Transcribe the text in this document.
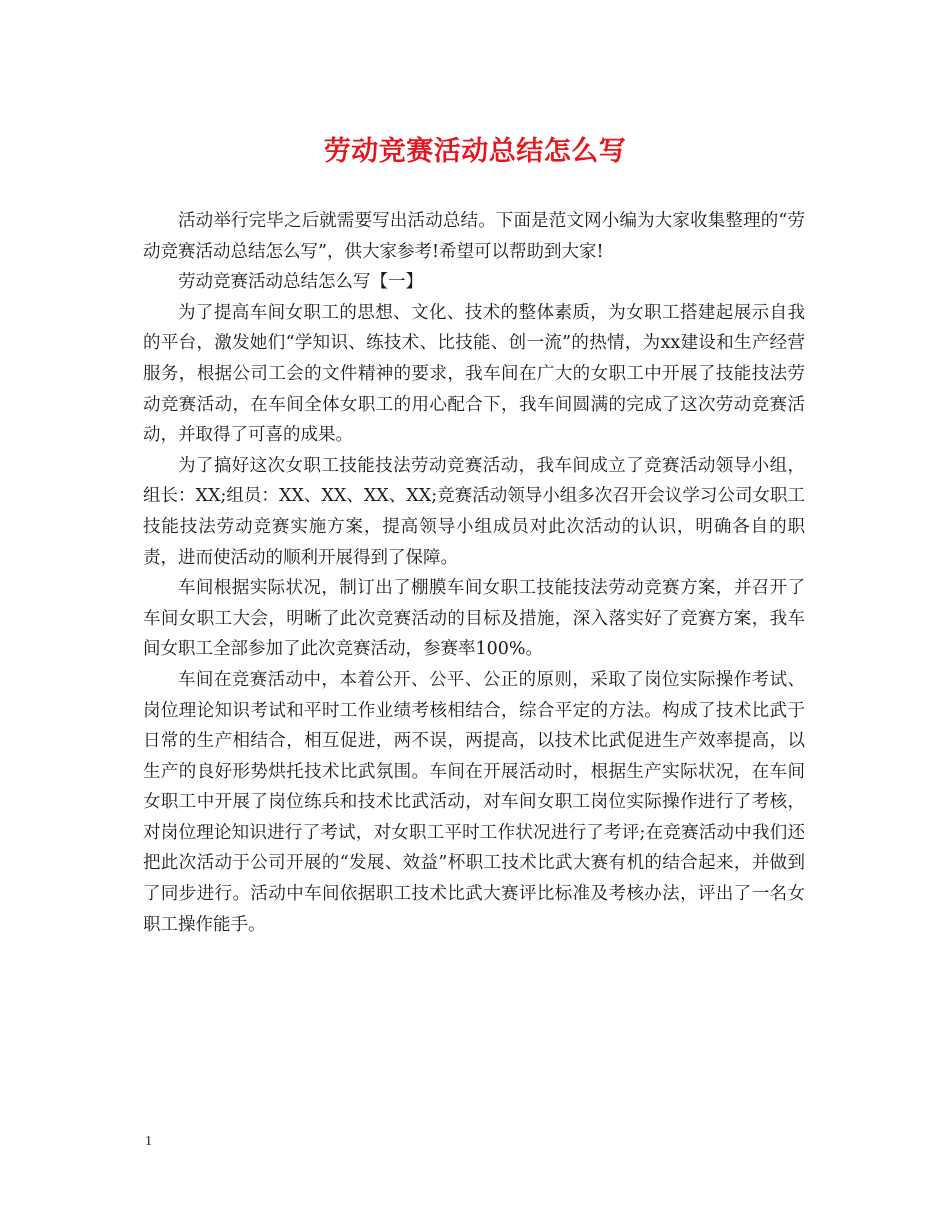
劳动竞赛活动总结怎么写

活动举行完毕之后就需要写出活动总结。下面是范文网小编为大家收集整理的“劳动竞赛活动总结怎么写”，供大家参考!希望可以帮助到大家!

劳动竞赛活动总结怎么写【一】

为了提高车间女职工的思想、文化、技术的整体素质，为女职工搭建起展示自我的平台，激发她们“学知识、练技术、比技能、创一流”的热情，为xx建设和生产经营服务，根据公司工会的文件精神的要求，我车间在广大的女职工中开展了技能技法劳动竞赛活动，在车间全体女职工的用心配合下，我车间圆满的完成了这次劳动竞赛活动，并取得了可喜的成果。

为了搞好这次女职工技能技法劳动竞赛活动，我车间成立了竞赛活动领导小组，组长：XX;组员：XX、XX、XX、XX;竞赛活动领导小组多次召开会议学习公司女职工技能技法劳动竞赛实施方案，提高领导小组成员对此次活动的认识，明确各自的职责，进而使活动的顺利开展得到了保障。

车间根据实际状况，制订出了棚膜车间女职工技能技法劳动竞赛方案，并召开了车间女职工大会，明晰了此次竞赛活动的目标及措施，深入落实好了竞赛方案，我车间女职工全部参加了此次竞赛活动，参赛率100%。

车间在竞赛活动中，本着公开、公平、公正的原则，采取了岗位实际操作考试、岗位理论知识考试和平时工作业绩考核相结合，综合平定的方法。构成了技术比武于日常的生产相结合，相互促进，两不误，两提高，以技术比武促进生产效率提高，以生产的良好形势烘托技术比武氛围。车间在开展活动时，根据生产实际状况，在车间女职工中开展了岗位练兵和技术比武活动，对车间女职工岗位实际操作进行了考核，对岗位理论知识进行了考试，对女职工平时工作状况进行了考评;在竞赛活动中我们还把此次活动于公司开展的“发展、效益”杯职工技术比武大赛有机的结合起来，并做到了同步进行。活动中车间依据职工技术比武大赛评比标准及考核办法，评出了一名女职工操作能手。

1
